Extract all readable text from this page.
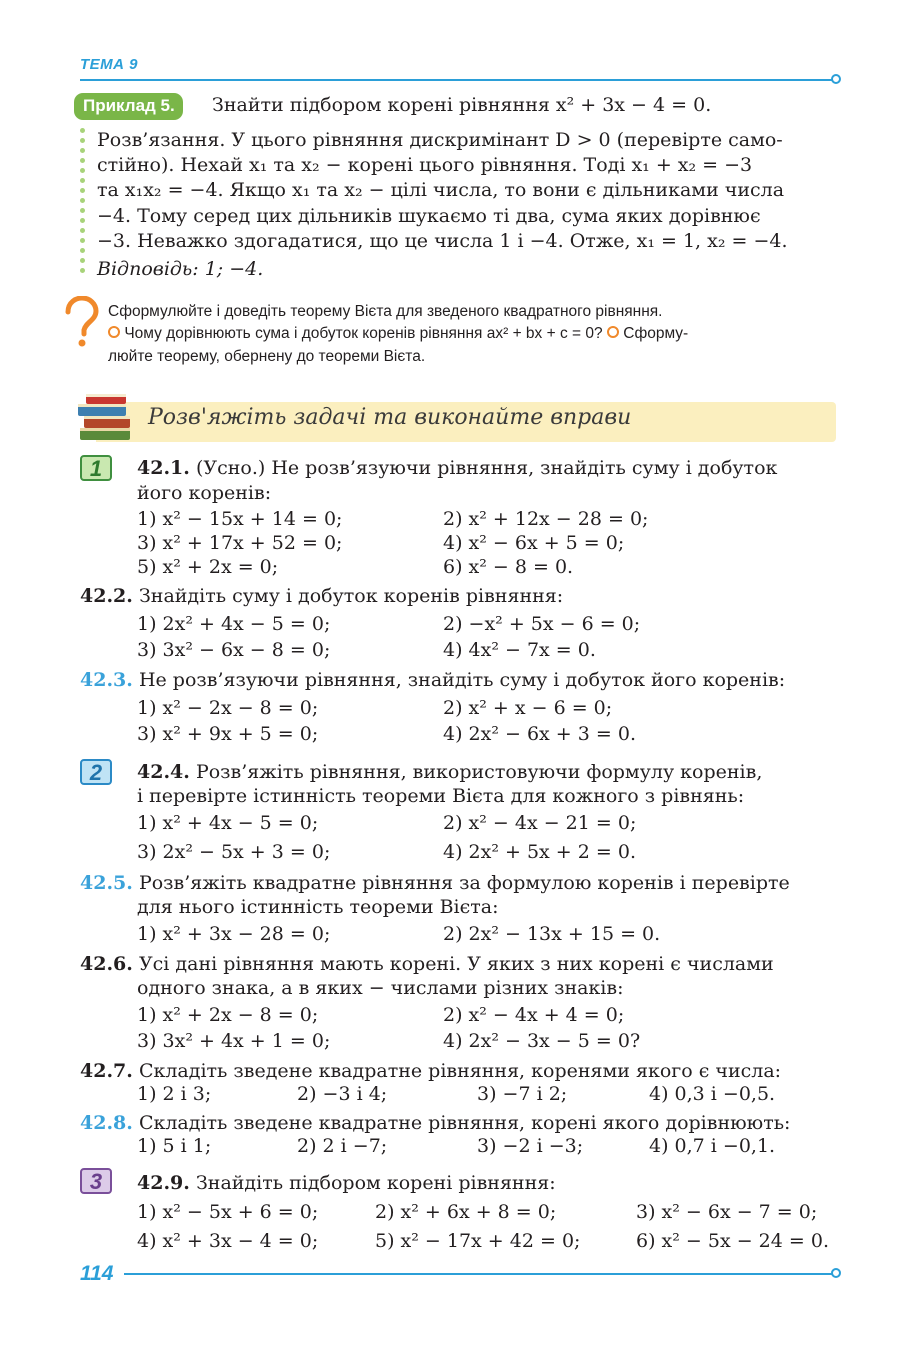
ТЕМА 9
Приклад 5.	Знайти підбором корені рівняння x² + 3x − 4 = 0.
Розв’язання. У цього рівняння дискримінант D > 0 (перевірте само-
стійно). Нехай x₁ та x₂ − корені цього рівняння. Тоді x₁ + x₂ = −3
та x₁x₂ = −4. Якщо x₁ та x₂ − цілі числа, то вони є дільниками числа
−4. Тому серед цих дільників шукаємо ті два, сума яких дорівнює
−3. Неважко здогадатися, що це числа 1 і −4. Отже, x₁ = 1, x₂ = −4.
Відповідь: 1; −4.
Сформулюйте і доведіть теорему Вієта для зведеного квадратного рівняння.
Чому дорівнюють сума і добуток коренів рівняння ax² + bx + c = 0? Сформу-
люйте теорему, обернену до теореми Вієта.
Розв'яжіть задачі та виконайте вправи
1	42.1. (Усно.) Не розв’язуючи рівняння, знайдіть суму і добуток
його коренів:
1) x² − 15x + 14 = 0;	2) x² + 12x − 28 = 0;
3) x² + 17x + 52 = 0;	4) x² − 6x + 5 = 0;
5) x² + 2x = 0;	6) x² − 8 = 0.
42.2. Знайдіть суму і добуток коренів рівняння:
1) 2x² + 4x − 5 = 0;	2) −x² + 5x − 6 = 0;
3) 3x² − 6x − 8 = 0;	4) 4x² − 7x = 0.
42.3. Не розв’язуючи рівняння, знайдіть суму і добуток його коренів:
1) x² − 2x − 8 = 0;	2) x² + x − 6 = 0;
3) x² + 9x + 5 = 0;	4) 2x² − 6x + 3 = 0.
2	42.4. Розв’яжіть рівняння, використовуючи формулу коренів,
і перевірте істинність теореми Вієта для кожного з рівнянь:
1) x² + 4x − 5 = 0;	2) x² − 4x − 21 = 0;
3) 2x² − 5x + 3 = 0;	4) 2x² + 5x + 2 = 0.
42.5. Розв’яжіть квадратне рівняння за формулою коренів і перевірте
для нього істинність теореми Вієта:
1) x² + 3x − 28 = 0;	2) 2x² − 13x + 15 = 0.
42.6. Усі дані рівняння мають корені. У яких з них корені є числами
одного знака, а в яких − числами різних знаків:
1) x² + 2x − 8 = 0;	2) x² − 4x + 4 = 0;
3) 3x² + 4x + 1 = 0;	4) 2x² − 3x − 5 = 0?
42.7. Складіть зведене квадратне рівняння, коренями якого є числа:
1) 2 і 3;	2) −3 і 4;	3) −7 і 2;	4) 0,3 і −0,5.
42.8. Складіть зведене квадратне рівняння, корені якого дорівнюють:
1) 5 і 1;	2) 2 і −7;	3) −2 і −3;	4) 0,7 і −0,1.
3	42.9. Знайдіть підбором корені рівняння:
1) x² − 5x + 6 = 0;	2) x² + 6x + 8 = 0;	3) x² − 6x − 7 = 0;
4) x² + 3x − 4 = 0;	5) x² − 17x + 42 = 0;	6) x² − 5x − 24 = 0.
114
